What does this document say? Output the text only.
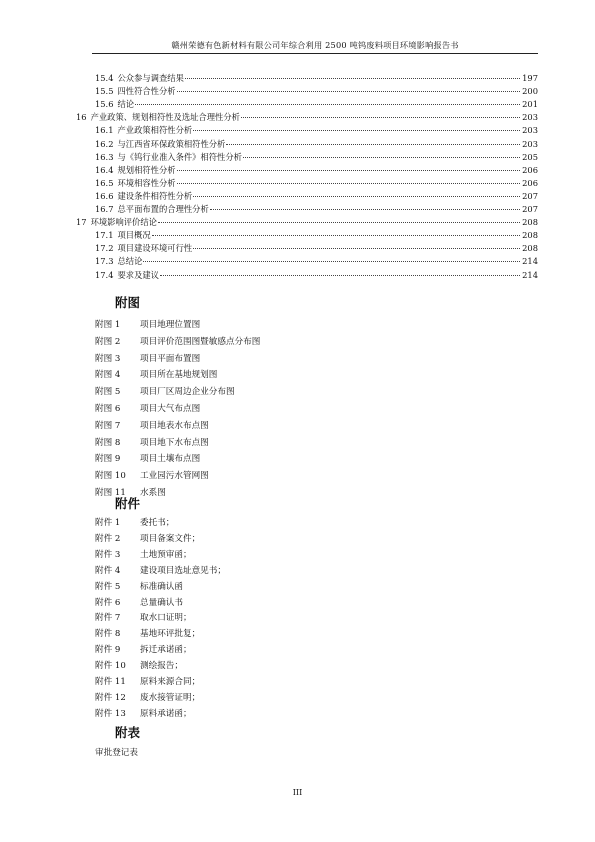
赣州荣德有色新材料有限公司年综合利用 2500 吨钨废料项目环境影响报告书
15.4 公众参与调查结果	197
15.5 四性符合性分析	200
15.6 结论	201
16 产业政策、规划相符性及选址合理性分析	203
16.1 产业政策相符性分析	203
16.2 与江西省环保政策相符性分析	203
16.3 与《钨行业准入条件》相符性分析	205
16.4 规划相符性分析	206
16.5 环境相容性分析	206
16.6 建设条件相符性分析	207
16.7 总平面布置的合理性分析	207
17 环境影响评价结论	208
17.1 项目概况	208
17.2 项目建设环境可行性	208
17.3 总结论	214
17.4 要求及建议	214
附图
附图 1	项目地理位置图
附图 2	项目评价范围图暨敏感点分布图
附图 3	项目平面布置图
附图 4	项目所在基地规划图
附图 5	项目厂区周边企业分布图
附图 6	项目大气布点图
附图 7	项目地表水布点图
附图 8	项目地下水布点图
附图 9	项目土壤布点图
附图 10	工业园污水管网图
附图 11	水系图
附件
附件 1	委托书；
附件 2	项目备案文件；
附件 3	土地预审函；
附件 4	建设项目选址意见书；
附件 5	标准确认函
附件 6	总量确认书
附件 7	取水口证明；
附件 8	基地环评批复；
附件 9	拆迁承诺函；
附件 10	测绘报告；
附件 11	原料来源合同；
附件 12	废水接管证明；
附件 13	原料承诺函；
附表
审批登记表
III
